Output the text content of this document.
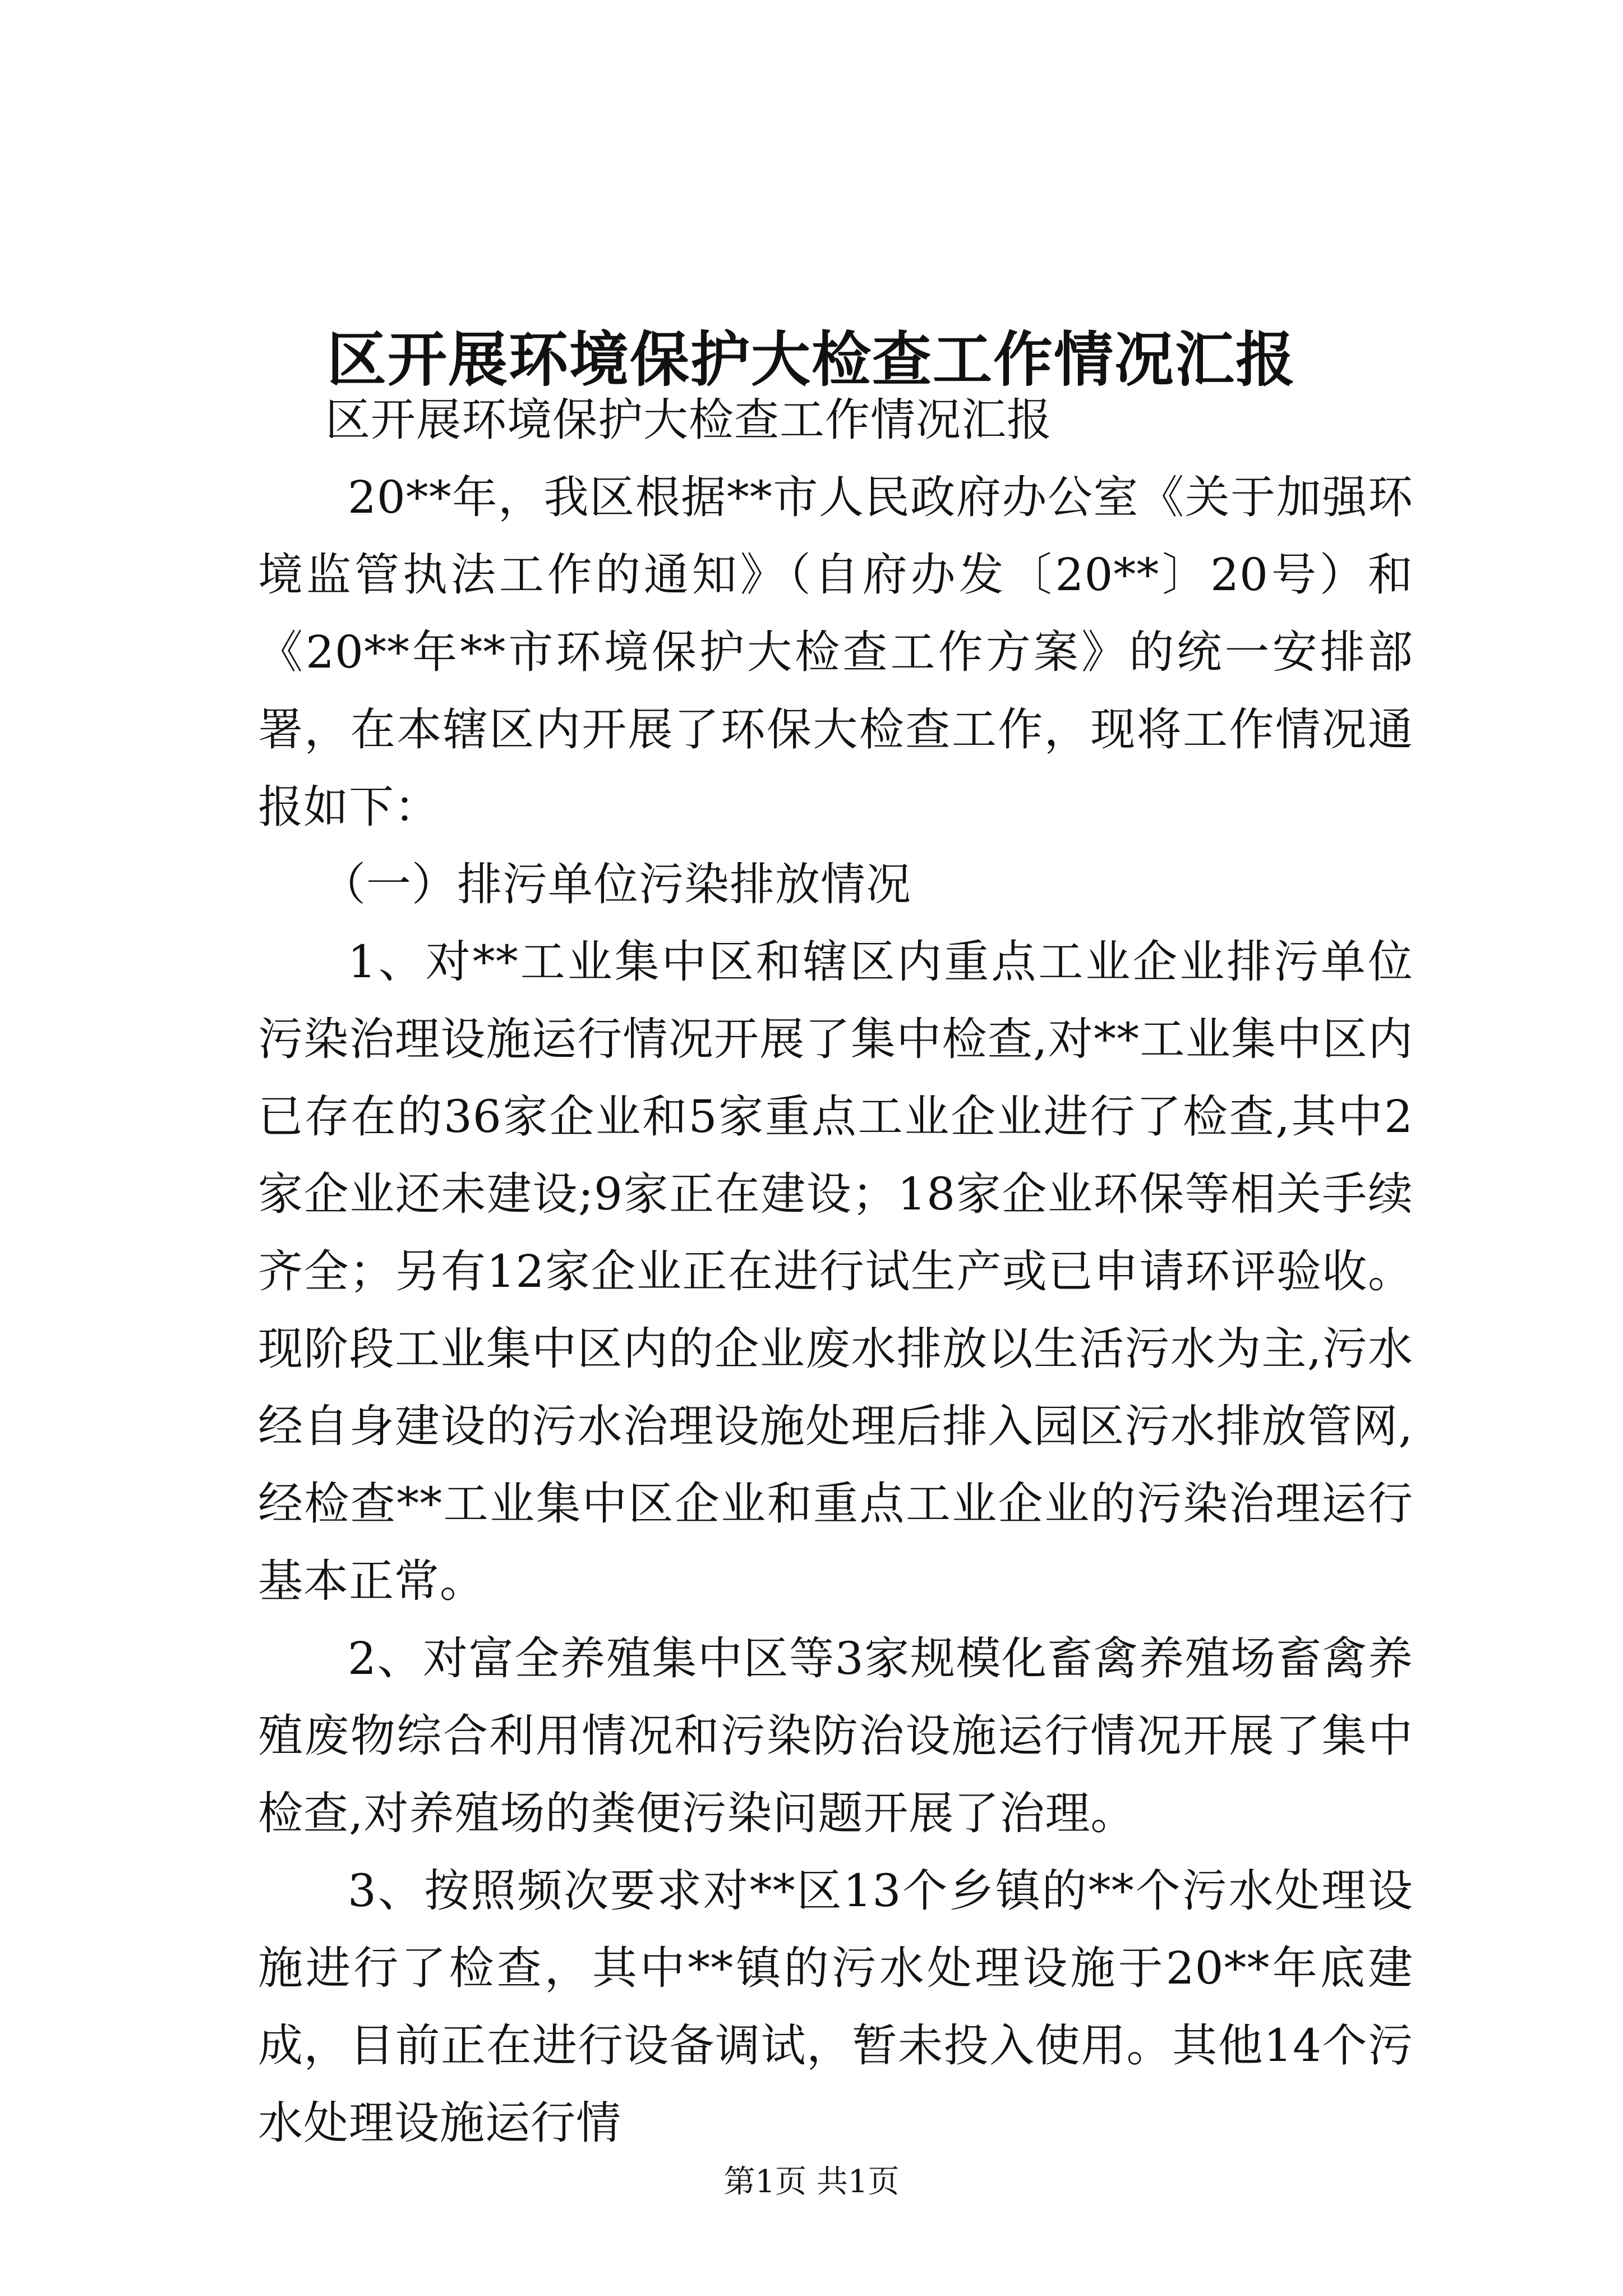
区开展环境保护大检查工作情况汇报

区开展环境保护大检查工作情况汇报

20**年，我区根据**市人民政府办公室《关于加强环境监管执法工作的通知》（自府办发〔20**〕20号）和《20**年**市环境保护大检查工作方案》的统一安排部署，在本辖区内开展了环保大检查工作，现将工作情况通报如下：

（一）排污单位污染排放情况

1、对**工业集中区和辖区内重点工业企业排污单位污染治理设施运行情况开展了集中检查,对**工业集中区内已存在的36家企业和5家重点工业企业进行了检查,其中2家企业还未建设;9家正在建设；18家企业环保等相关手续齐全；另有12家企业正在进行试生产或已申请环评验收。现阶段工业集中区内的企业废水排放以生活污水为主,污水经自身建设的污水治理设施处理后排入园区污水排放管网,经检查**工业集中区企业和重点工业企业的污染治理运行基本正常。

2、对富全养殖集中区等3家规模化畜禽养殖场畜禽养殖废物综合利用情况和污染防治设施运行情况开展了集中检查,对养殖场的粪便污染问题开展了治理。

3、按照频次要求对**区13个乡镇的**个污水处理设施进行了检查，其中**镇的污水处理设施于20**年底建成，目前正在进行设备调试，暂未投入使用。其他14个污水处理设施运行情

第1页 共1页
